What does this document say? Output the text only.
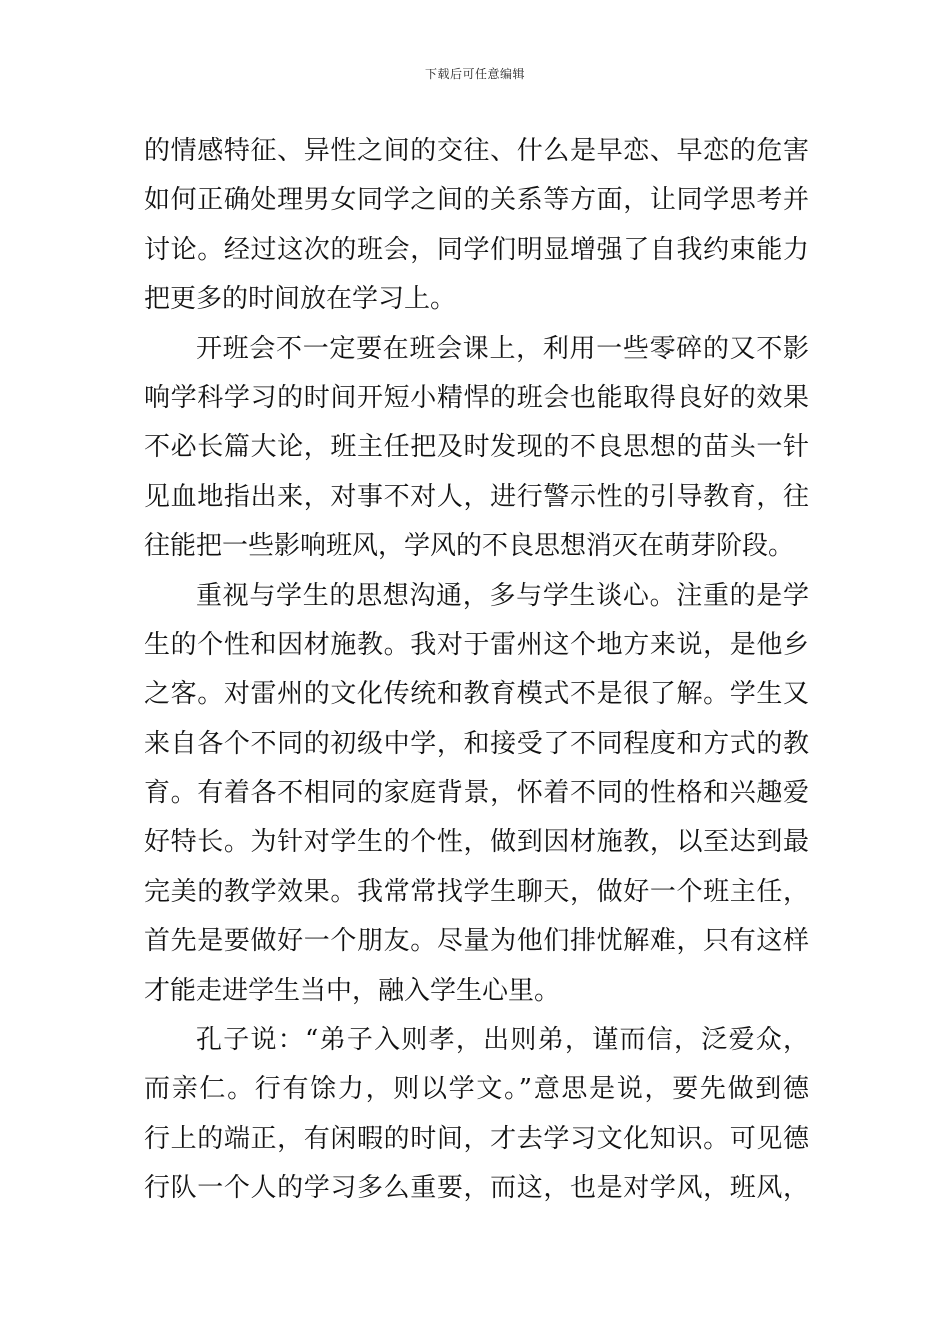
下载后可任意编辑
的情感特征、异性之间的交往、什么是早恋、早恋的危害
如何正确处理男女同学之间的关系等方面，让同学思考并
讨论。经过这次的班会，同学们明显增强了自我约束能力
把更多的时间放在学习上。
开班会不一定要在班会课上，利用一些零碎的又不影
响学科学习的时间开短小精悍的班会也能取得良好的效果
不必长篇大论，班主任把及时发现的不良思想的苗头一针
见血地指出来，对事不对人，进行警示性的引导教育，往
往能把一些影响班风，学风的不良思想消灭在萌芽阶段。
重视与学生的思想沟通，多与学生谈心。注重的是学
生的个性和因材施教。我对于雷州这个地方来说，是他乡
之客。对雷州的文化传统和教育模式不是很了解。学生又
来自各个不同的初级中学，和接受了不同程度和方式的教
育。有着各不相同的家庭背景，怀着不同的性格和兴趣爱
好特长。为针对学生的个性，做到因材施教，以至达到最
完美的教学效果。我常常找学生聊天，做好一个班主任，
首先是要做好一个朋友。尽量为他们排忧解难，只有这样
才能走进学生当中，融入学生心里。
孔子说：“弟子入则孝，出则弟，谨而信，泛爱众，
而亲仁。行有馀力，则以学文。”意思是说，要先做到德
行上的端正，有闲暇的时间，才去学习文化知识。可见德
行队一个人的学习多么重要，而这，也是对学风，班风，
